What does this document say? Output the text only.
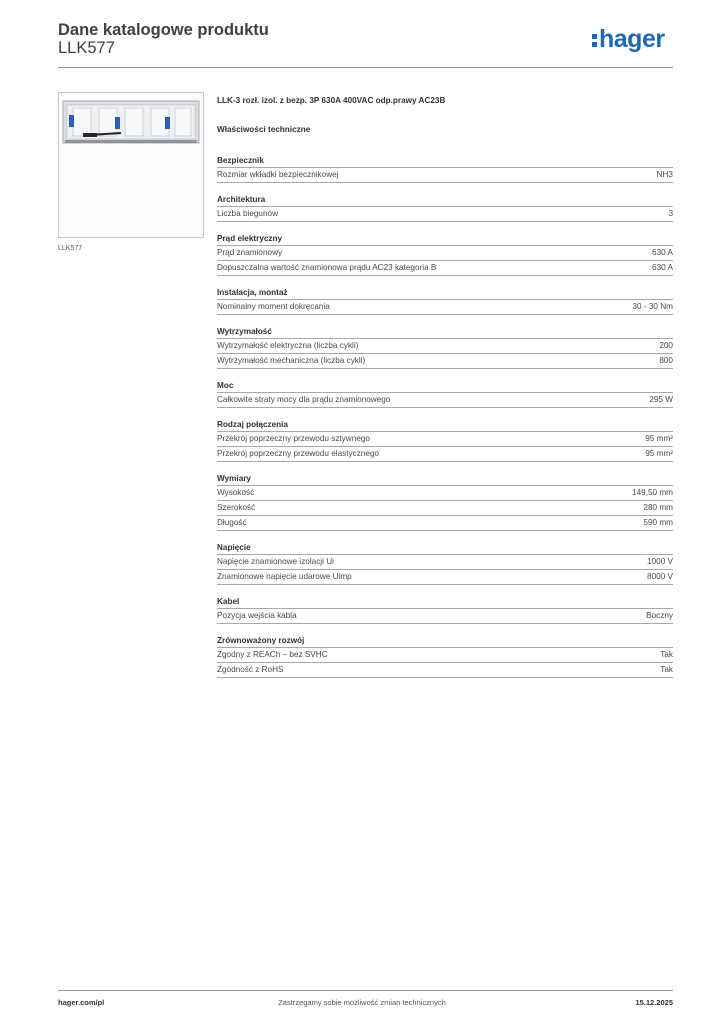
Dane katalogowe produktu
LLK577	hager
LLK577
LLK-3 rozł. izol. z bezp. 3P 630A 400VAC odp.prawy AC23B
Właściwości techniczne
Bezpiecznik
Rozmiar wkładki bezpiecznikowej	NH3
Architektura
Liczba biegunów	3
Prąd elektryczny
Prąd znamionowy	630 A
Dopuszczalna wartość znamionowa prądu AC23 kategoria B	630 A
Instalacja, montaż
Nominalny moment dokręcania	30 - 30 Nm
Wytrzymałość
Wytrzymałość elektryczna (liczba cykli)	200
Wytrzymałość mechaniczna (liczba cykli)	800
Moc
Całkowite straty mocy dla prądu znamionowego	295 W
Rodzaj połączenia
Przekrój poprzeczny przewodu sztywnego	95 mm²
Przekrój poprzeczny przewodu elastycznego	95 mm²
Wymiary
Wysokość	149,50 mm
Szerokość	280 mm
Długość	590 mm
Napięcie
Napięcie znamionowe izolacji Ui	1000 V
Znamionowe napięcie udarowe Uimp	8000 V
Kabel
Pozycja wejścia kabla	Boczny
Zrównoważony rozwój
Zgodny z REACh – bez SVHC	Tak
Zgodność z RoHS	Tak
hager.com/pl	Zastrzegamy sobie możliwość zmian technicznych	15.12.2025
